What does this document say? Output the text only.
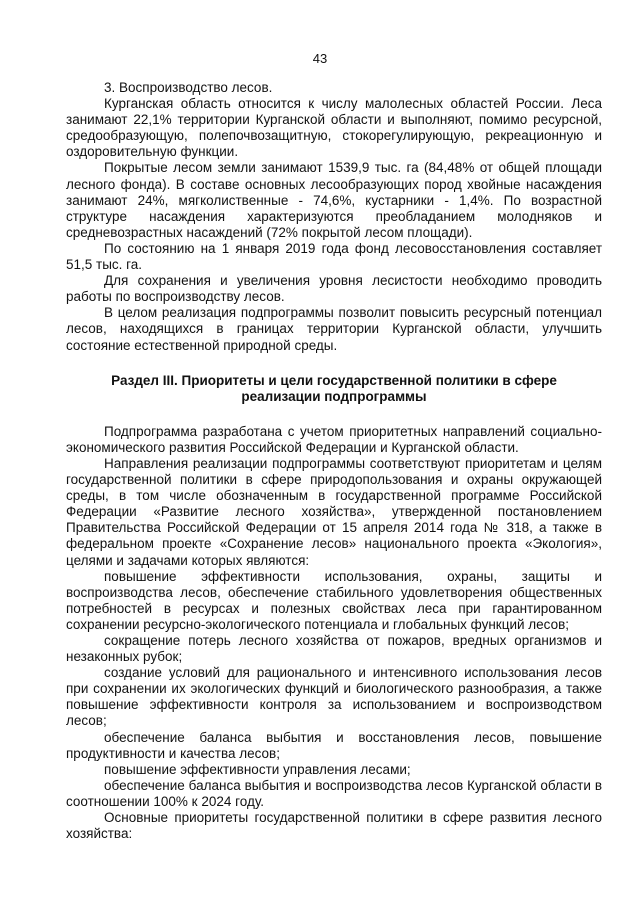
43

3. Воспроизводство лесов.

Курганская область относится к числу малолесных областей России. Леса занимают 22,1% территории Курганской области и выполняют, помимо ресурсной, средообразующую, полепочвозащитную, стокорегулирующую, рекреационную и оздоровительную функции.

Покрытые лесом земли занимают 1539,9 тыс. га (84,48% от общей площади лесного фонда). В составе основных лесообразующих пород хвойные насаждения занимают 24%, мягколиственные - 74,6%, кустарники - 1,4%. По возрастной структуре насаждения характеризуются преобладанием молодняков и средневозрастных насаждений (72% покрытой лесом площади).

По состоянию на 1 января 2019 года фонд лесовосстановления составляет 51,5 тыс. га.

Для сохранения и увеличения уровня лесистости необходимо проводить работы по воспроизводству лесов.

В целом реализация подпрограммы позволит повысить ресурсный потенциал лесов, находящихся в границах территории Курганской области, улучшить состояние естественной природной среды.

Раздел III. Приоритеты и цели государственной политики в сфере реализации подпрограммы

Подпрограмма разработана с учетом приоритетных направлений социально-экономического развития Российской Федерации и Курганской области.

Направления реализации подпрограммы соответствуют приоритетам и целям государственной политики в сфере природопользования и охраны окружающей среды, в том числе обозначенным в государственной программе Российской Федерации «Развитие лесного хозяйства», утвержденной постановлением Правительства Российской Федерации от 15 апреля 2014 года № 318, а также в федеральном проекте «Сохранение лесов» национального проекта «Экология», целями и задачами которых являются:

повышение эффективности использования, охраны, защиты и воспроизводства лесов, обеспечение стабильного удовлетворения общественных потребностей в ресурсах и полезных свойствах леса при гарантированном сохранении ресурсно-экологического потенциала и глобальных функций лесов;

сокращение потерь лесного хозяйства от пожаров, вредных организмов и незаконных рубок;

создание условий для рационального и интенсивного использования лесов при сохранении их экологических функций и биологического разнообразия, а также повышение эффективности контроля за использованием и воспроизводством лесов;

обеспечение баланса выбытия и восстановления лесов, повышение продуктивности и качества лесов;

повышение эффективности управления лесами;

обеспечение баланса выбытия и воспроизводства лесов Курганской области в соотношении 100% к 2024 году.

Основные приоритеты государственной политики в сфере развития лесного хозяйства:
